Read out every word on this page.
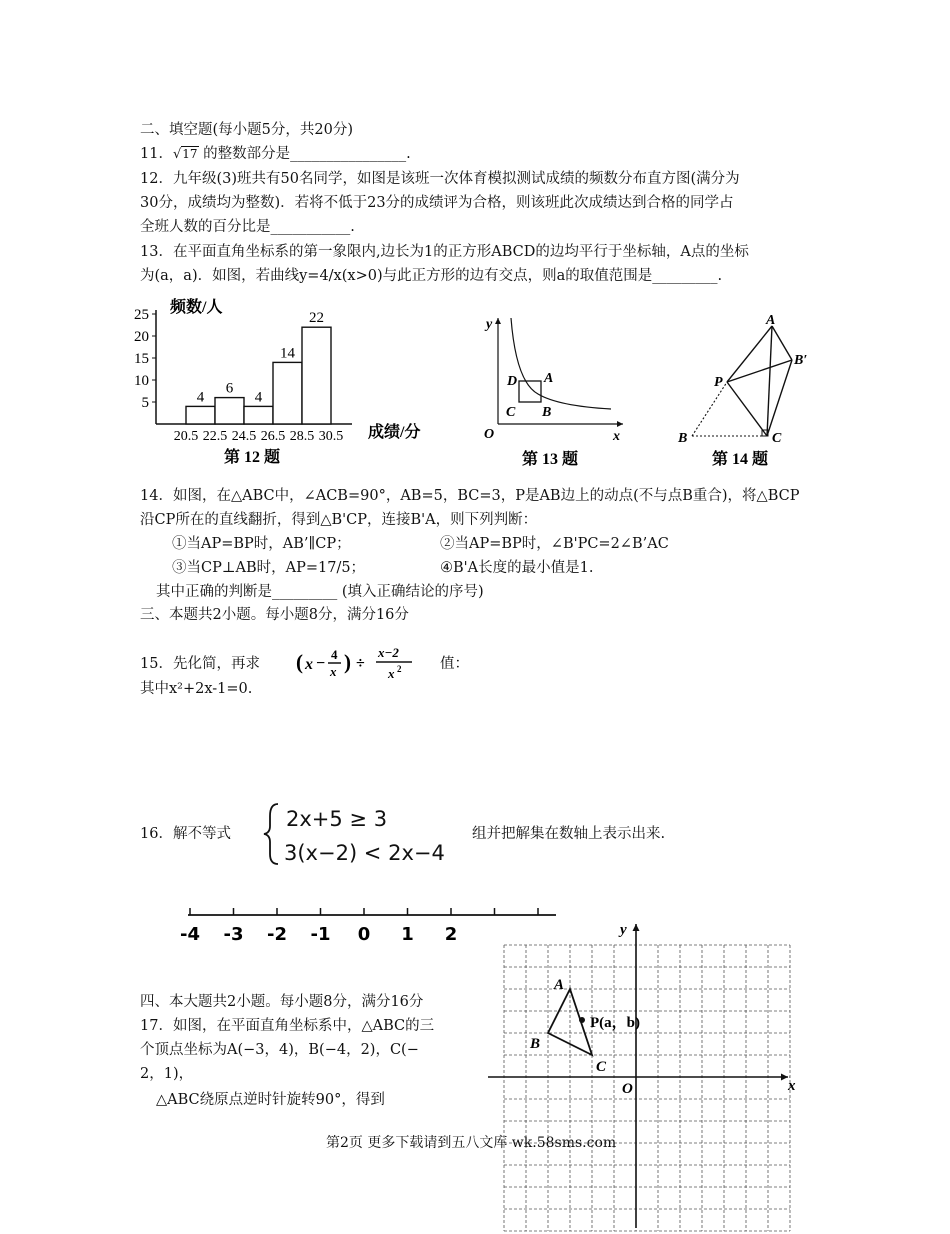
二、填空题(每小题5分，共20分)
11．√17 的整数部分是________________.
12．九年级(3)班共有50名同学，如图是该班一次体育模拟测试成绩的频数分布直方图(满分为
30分，成绩均为整数)．若将不低于23分的成绩评为合格，则该班此次成绩达到合格的同学占
全班人数的百分比是___________.
13．在平面直角坐标系的第一象限内,边长为1的正方形ABCD的边均平行于坐标轴，A点的坐标
为(a，a)．如图，若曲线y=4/x(x>0)与此正方形的边有交点，则a的取值范围是_________.
4
6
4
14
22
5
10
15
20
25
20.5 22.5 24.5 26.5 28.5 30.5
频数/人
成绩/分
第 12 题
y
x
O
A
B
C
D
第 13 题
A
B′
P
B	C
第 14 题
14．如图，在△ABC中，∠ACB=90°，AB=5，BC=3，P是AB边上的动点(不与点B重合)，将△BCP
沿CP所在的直线翻折，得到△B'CP，连接B'A，则下列判断：
①当AP=BP时，AB’∥CP；	②当AP=BP时，∠B'PC=2∠B’AC
③当CP⊥AB时，AP=17/5；	④B'A长度的最小值是1.
其中正确的判断是_________ (填入正确结论的序号)
三、本题共2小题。每小题8分，满分16分
15．先化简，再求 ( x −
4
x ) ÷
x−2
x 2	值：
其中x²+2x-1=0.
16．解不等式
2x+5 ≥ 3
3(x−2) < 2x−4
组并把解集在数轴上表示出来.
-4 -3 -2 -1 0 1 2
四、本大题共2小题。每小题8分，满分16分
17．如图，在平面直角坐标系中，△ABC的三
个顶点坐标为A(−3，4)，B(−4，2)，C(−
2，1)，
△ABC绕原点逆时针旋转90°，得到
y
x
O
A
B
C
P(a，b)
第2页 更多下载请到五八文库 wk.58sms.com
